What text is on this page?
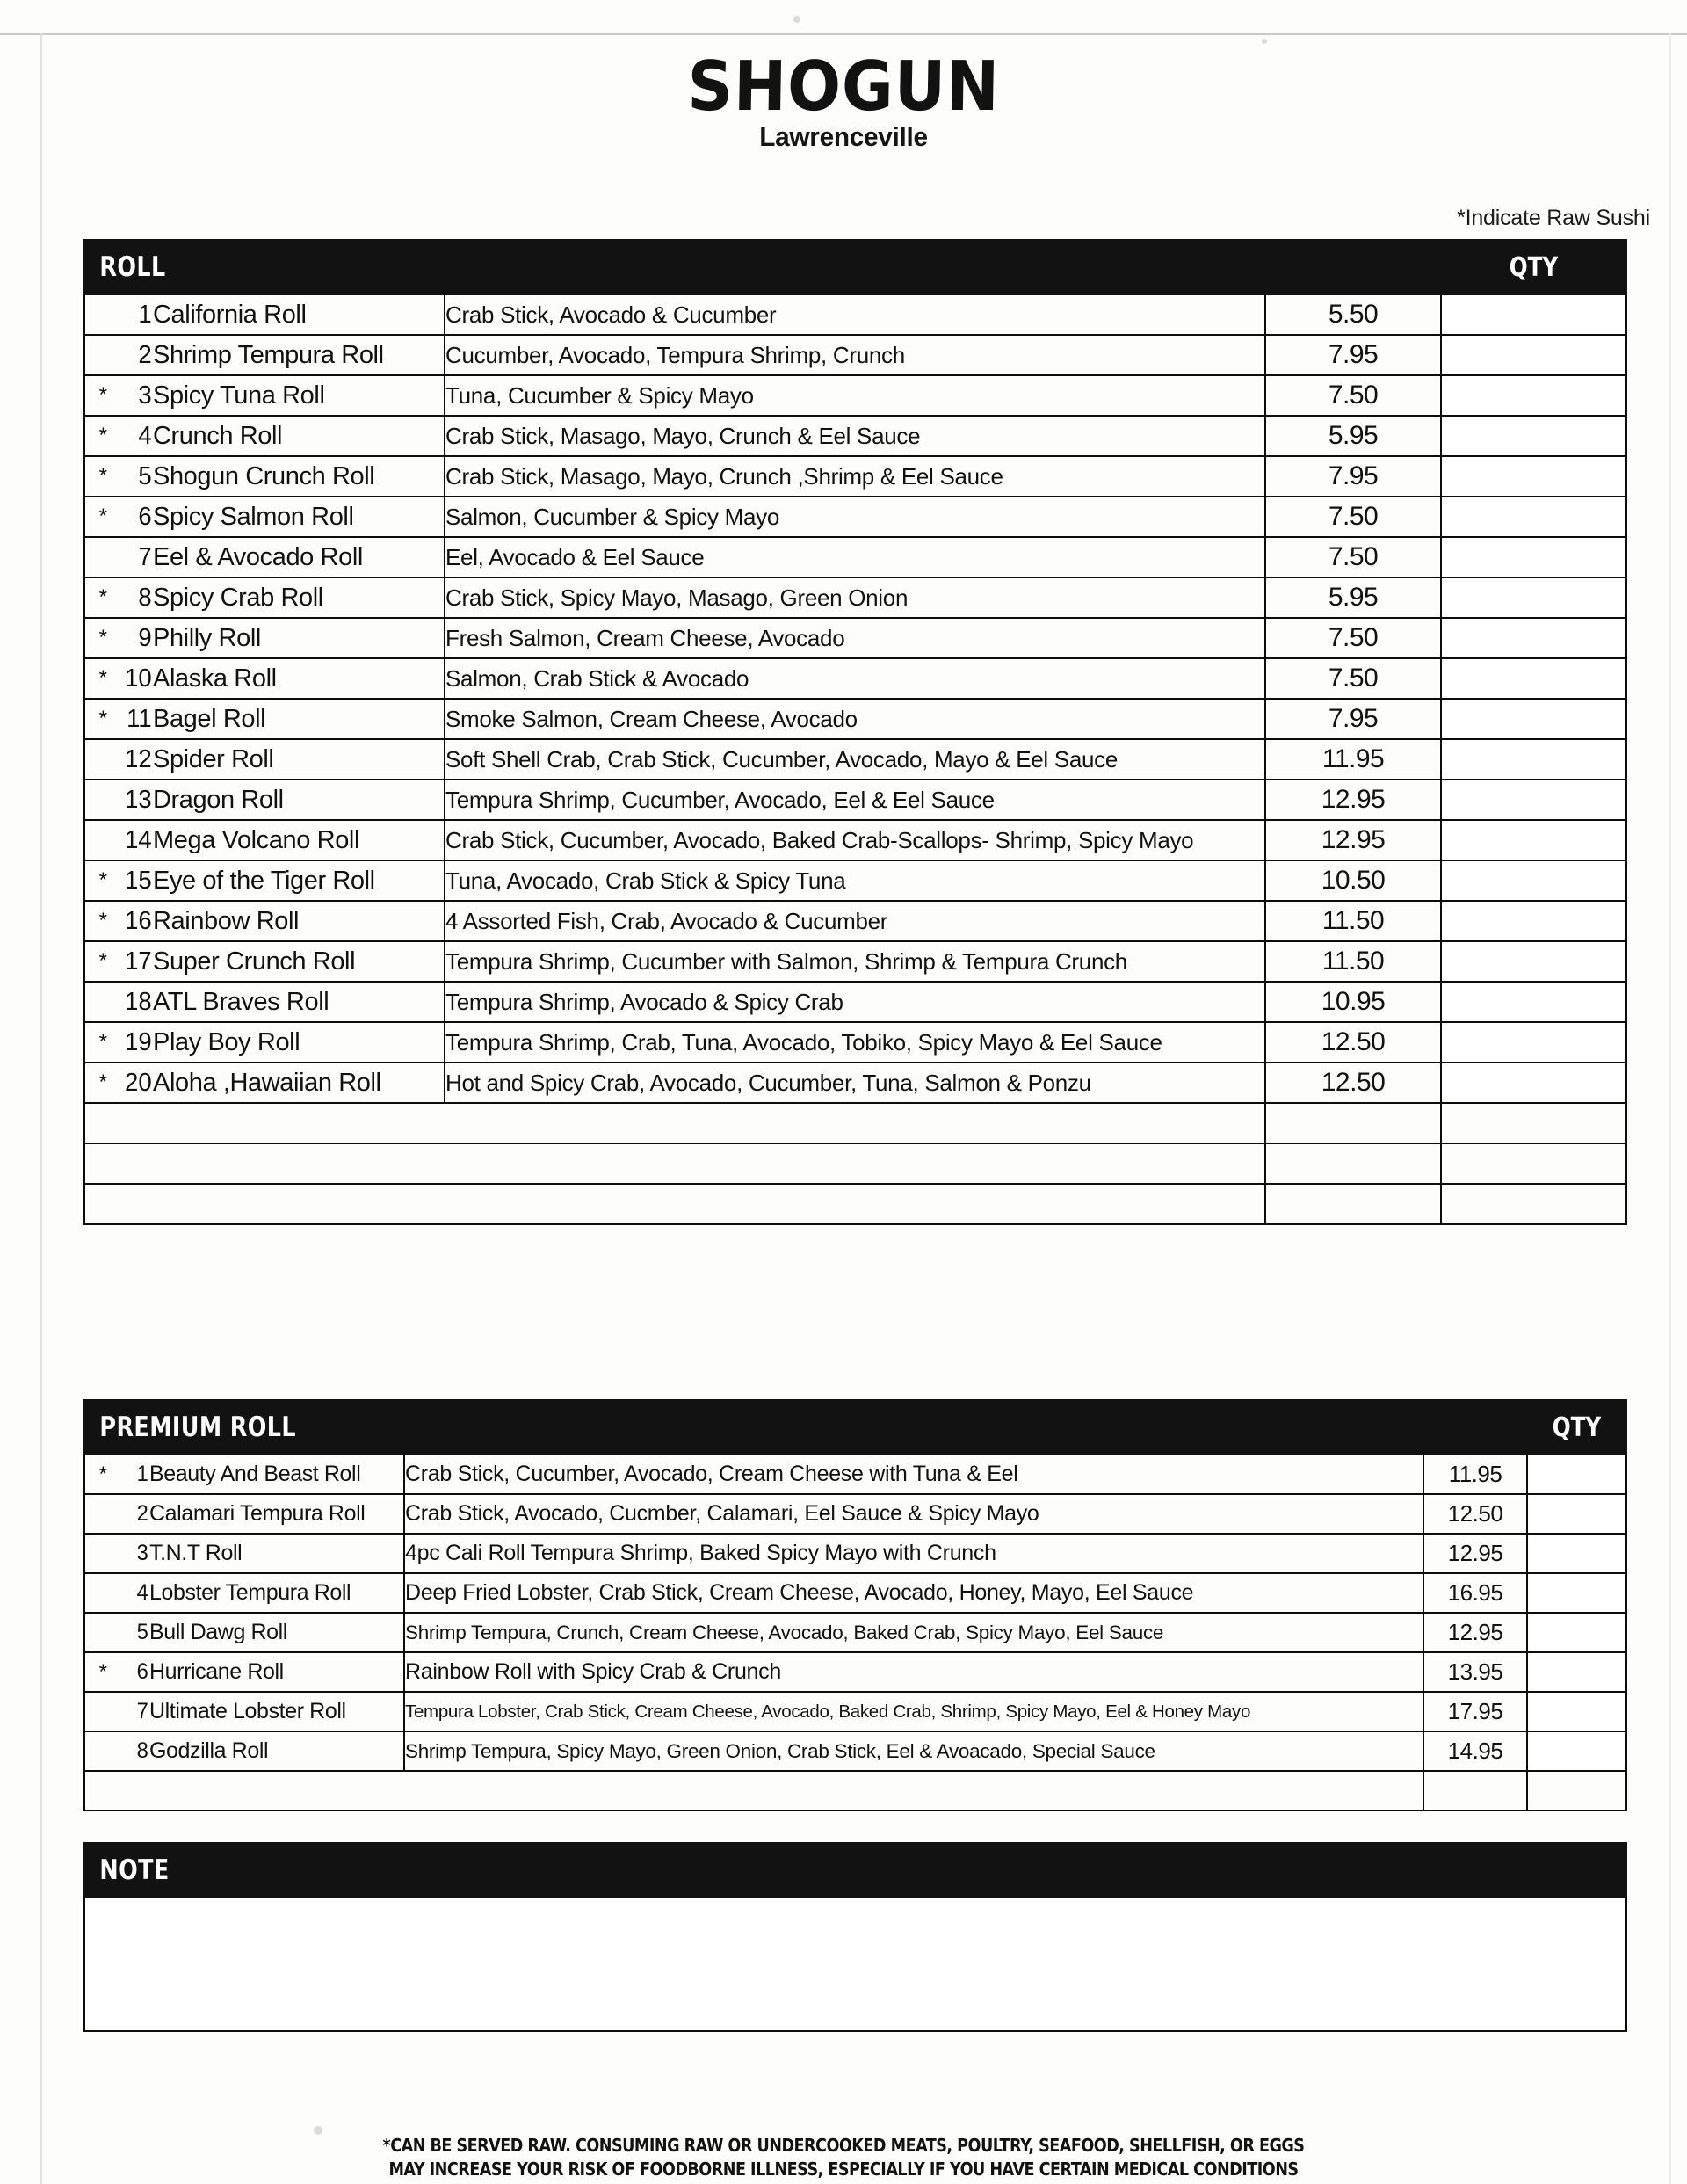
SHOGUN
Lawrenceville
*Indicate Raw Sushi
ROLL					QTY

	1	California Roll	Crab Stick, Avocado & Cucumber	5.50	
	2	Shrimp Tempura Roll	Cucumber, Avocado, Tempura Shrimp, Crunch	7.95	
*	3	Spicy Tuna Roll	Tuna, Cucumber & Spicy Mayo	7.50	
*	4	Crunch Roll	Crab Stick, Masago, Mayo, Crunch & Eel Sauce	5.95	
*	5	Shogun Crunch Roll	Crab Stick, Masago, Mayo, Crunch ,Shrimp & Eel Sauce	7.95	
*	6	Spicy Salmon Roll	Salmon, Cucumber & Spicy Mayo	7.50	
	7	Eel & Avocado Roll	Eel, Avocado & Eel Sauce	7.50	
*	8	Spicy Crab Roll	Crab Stick, Spicy Mayo, Masago, Green Onion	5.95	
*	9	Philly Roll	Fresh Salmon, Cream Cheese, Avocado	7.50	
*	10	Alaska Roll	Salmon, Crab Stick & Avocado	7.50	
*	11	Bagel Roll	Smoke Salmon, Cream Cheese, Avocado	7.95	
	12	Spider Roll	Soft Shell Crab, Crab Stick, Cucumber, Avocado, Mayo & Eel Sauce	11.95	
	13	Dragon Roll	Tempura Shrimp, Cucumber, Avocado, Eel & Eel Sauce	12.95	
	14	Mega Volcano Roll	Crab Stick, Cucumber, Avocado, Baked Crab-Scallops- Shrimp, Spicy Mayo	12.95	
*	15	Eye of the Tiger Roll	Tuna, Avocado, Crab Stick & Spicy Tuna	10.50	
*	16	Rainbow Roll	4 Assorted Fish, Crab, Avocado & Cucumber	11.50	
*	17	Super Crunch Roll	Tempura Shrimp, Cucumber with Salmon, Shrimp & Tempura Crunch	11.50	
	18	ATL Braves Roll	Tempura Shrimp, Avocado & Spicy Crab	10.95	
*	19	Play Boy Roll	Tempura Shrimp, Crab, Tuna, Avocado, Tobiko, Spicy Mayo & Eel Sauce	12.50	
*	20	Aloha ,Hawaiian Roll	Hot and Spicy Crab, Avocado, Cucumber, Tuna, Salmon & Ponzu	12.50	

PREMIUM ROLL					QTY

*	1	Beauty And Beast Roll	Crab Stick, Cucumber, Avocado, Cream Cheese with Tuna & Eel	11.95	
	2	Calamari Tempura Roll	Crab Stick, Avocado, Cucmber, Calamari, Eel Sauce & Spicy Mayo	12.50	
	3	T.N.T Roll	4pc Cali Roll Tempura Shrimp, Baked Spicy Mayo with Crunch	12.95	
	4	Lobster Tempura Roll	Deep Fried Lobster, Crab Stick, Cream Cheese, Avocado, Honey, Mayo, Eel Sauce	16.95	
	5	Bull Dawg Roll	Shrimp Tempura, Crunch, Cream Cheese, Avocado, Baked Crab, Spicy Mayo, Eel Sauce	12.95	
*	6	Hurricane Roll	Rainbow Roll with Spicy Crab & Crunch	13.95	
	7	Ultimate Lobster Roll	Tempura Lobster, Crab Stick, Cream Cheese, Avocado, Baked Crab, Shrimp, Spicy Mayo, Eel & Honey Mayo	17.95	
	8	Godzilla Roll	Shrimp Tempura, Spicy Mayo, Green Onion, Crab Stick, Eel & Avoacado, Special Sauce	14.95	

NOTE

*CAN BE SERVED RAW. CONSUMING RAW OR UNDERCOOKED MEATS, POULTRY, SEAFOOD, SHELLFISH, OR EGGS
MAY INCREASE YOUR RISK OF FOODBORNE ILLNESS, ESPECIALLY IF YOU HAVE CERTAIN MEDICAL CONDITIONS
